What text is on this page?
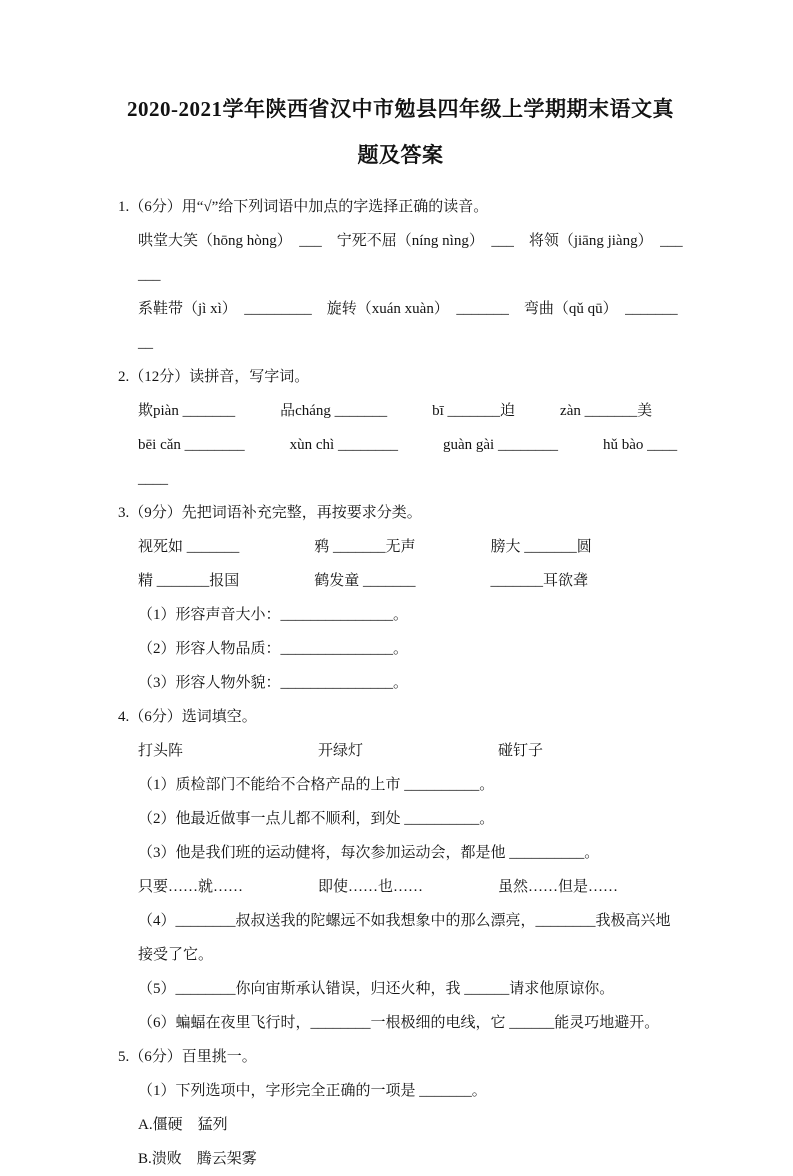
2020-2021学年陕西省汉中市勉县四年级上学期期末语文真题及答案
1.（6分）用“√”给下列词语中加点的字选择正确的读音。
哄堂大笑（hōng hòng）　___　宁死不屈（níng nìng）　___　将领（jiāng jiàng）　______
系鞋带（jì xì）　_________　旋转（xuán xuàn）　_______　弯曲（qǔ qū）　_________
2.（12分）读拼音，写字词。
欺piàn _______　　　品cháng _______　　　bī _______迫　　　zàn _______美
bēi cǎn ________　　　xùn chì ________　　　guàn gài ________　　　hǔ bào ________
3.（9分）先把词语补充完整，再按要求分类。
视死如 _______　　　　　鸦 _______无声　　　　　膀大 _______圆
精 _______报国　　　　　鹤发童 _______　　　　　_______耳欲聋
（1）形容声音大小：_______________。
（2）形容人物品质：_______________。
（3）形容人物外貌：_______________。
4.（6分）选词填空。
打头阵　　　　　　　　　开绿灯　　　　　　　　　碰钉子
（1）质检部门不能给不合格产品的上市 __________。
（2）他最近做事一点儿都不顺利，到处 __________。
（3）他是我们班的运动健将，每次参加运动会，都是他 __________。
只要……就……　　　　　即使……也……　　　　　虽然……但是……
（4）________叔叔送我的陀螺远不如我想象中的那么漂亮，________我极高兴地接受了它。
（5）________你向宙斯承认错误，归还火种，我 ______请求他原谅你。
（6）蝙蝠在夜里飞行时，________一根极细的电线，它 ______能灵巧地避开。
5.（6分）百里挑一。
（1）下列选项中，字形完全正确的一项是 _______。
A.僵硬　猛列
B.溃败　腾云架雾
